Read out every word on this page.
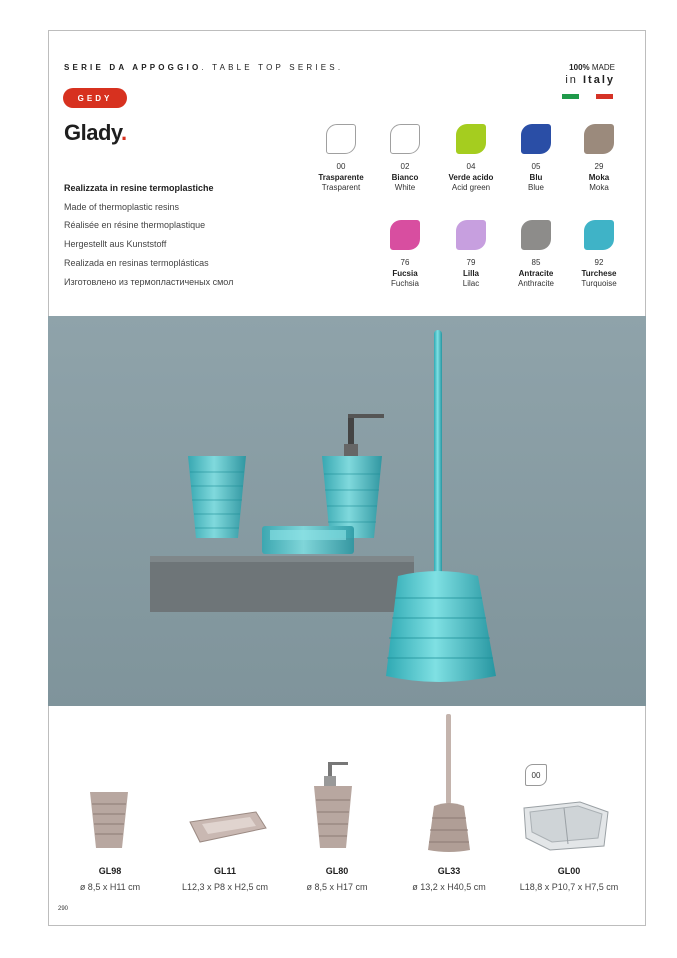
SERIE DA APPOGGIO. TABLE TOP SERIES.
GEDY
100% MADE
in Italy
Glady.
Realizzata in resine termoplastiche
Made of thermoplastic resins
Réalisée en résine thermoplastique
Hergestellt aus Kunststoff
Realizada en resinas termoplásticas
Изготовлено из термопластиченых смол
00
Trasparente
Trasparent
02
Bianco
White
04
Verde acido
Acid green
05
Blu
Blue
29
Moka
Moka
76
Fucsia
Fuchsia
79
Lilla
Lilac
85
Antracite
Anthracite
92
Turchese
Turquoise
00
GL98
ø 8,5 x H11 cm
GL11
L12,3 x P8 x H2,5 cm
GL80
ø 8,5 x H17 cm
GL33
ø 13,2 x H40,5 cm
GL00
L18,8 x P10,7 x H7,5 cm
290
